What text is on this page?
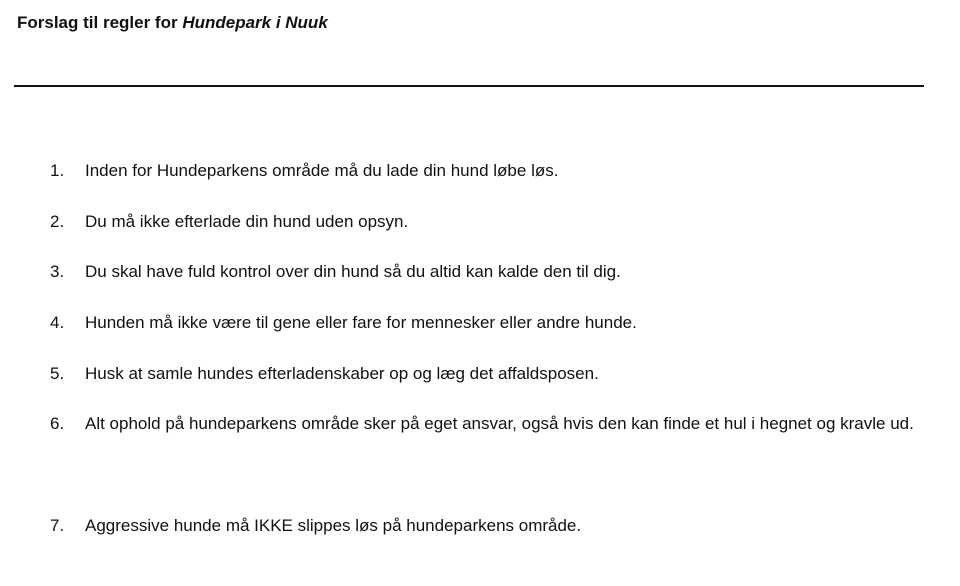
Forslag til regler for Hundepark i Nuuk
1.	Inden for Hundeparkens område må du lade din hund løbe løs.
2.	Du må ikke efterlade din hund uden opsyn.
3.	Du skal have fuld kontrol over din hund så du altid kan kalde den til dig.
4.	Hunden må ikke være til gene eller fare for mennesker eller andre hunde.
5.	Husk at samle hundes efterladenskaber op og læg det affaldsposen.
6.	Alt ophold på hundeparkens område sker på eget ansvar, også hvis den kan finde et hul i hegnet og kravle ud.
7.	Aggressive hunde må IKKE slippes løs på hundeparkens område.
